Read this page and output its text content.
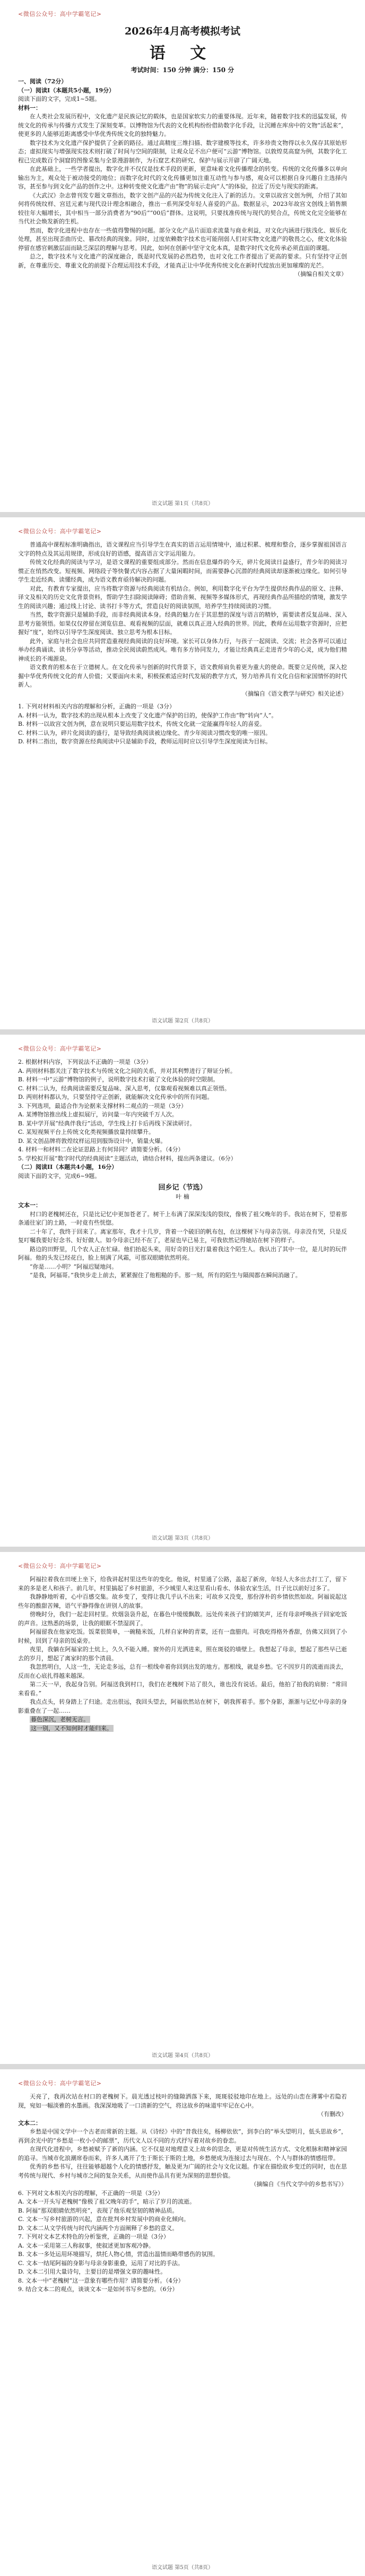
<微信公众号：高中学霸笔记>
2026年4月高考模拟考试
语 文
考试时间：150 分钟 满分：150 分

一、阅读（72分）

（一）阅读I（本题共5小题，19分）

阅读下面的文字，完成1~5题。

材料一：

在人类社会发展历程中，文化遗产是民族记忆的载体，也是国家软实力的重要体现。近年来，随着数字技术的迅猛发展，传统文化的传承与传播方式发生了深刻变革。以博物馆为代表的文化机构纷纷借助数字化手段，让沉睡在库房中的文物“活起来”，使更多的人能够近距离感受中华优秀传统文化的独特魅力。

数字技术为文化遗产保护提供了全新的路径。通过高精度三维扫描、数字建模等技术，许多珍贵文物得以永久保存其原始形态；虚拟现实与增强现实技术则打破了时间与空间的限制，让观众足不出户便可“云游”博物馆。以敦煌莫高窟为例，其数字化工程已完成数百个洞窟的图像采集与全景漫游制作，为石窟艺术的研究、保护与展示开辟了广阔天地。

在此基础上，一些学者提出，数字化并不仅仅是技术手段的更新，更意味着文化传播理念的转变。传统的文化传播多以单向输出为主，观众处于被动接受的地位；而数字化时代的文化传播更加注重互动性与参与感，观众可以根据自身兴趣自主选择内容，甚至参与到文化产品的创作之中。这种转变使文化遗产由“物”的展示走向“人”的体验，拉近了历史与现实的距离。

《大武汉》杂志曾刊发专题文章指出，数字文创产品的兴起为传统文化注入了新的活力。文章以故宫文创为例，介绍了其如何将传统纹样、宫廷元素与现代设计理念相融合，推出一系列深受年轻人喜爱的产品。数据显示，2023年故宫文创线上销售额较往年大幅增长，其中相当一部分消费者为“90后”“00后”群体。这说明，只要找准传统与现代的契合点，传统文化完全能够在当代社会焕发新的生机。

然而，数字化进程中也存在一些值得警惕的问题。部分文化产品片面追求流量与商业利益，对文化内涵进行肤浅化、娱乐化处理，甚至出现歪曲历史、篡改经典的现象。同时，过度依赖数字技术也可能削弱人们对实物文化遗产的敬畏之心，使文化体验停留在感官刺激层面而缺乏深层的理解与思考。因此，如何在创新中坚守文化本真，是数字时代文化传承必须直面的课题。

总之，数字技术与文化遗产的深度融合，既是时代发展的必然趋势，也对文化工作者提出了更高的要求。只有坚持守正创新，在尊重历史、尊重文化的前提下合理运用技术手段，才能真正让中华优秀传统文化在新时代绽放出更加璀璨的光芒。

（摘编自相关文章）

语文试题 第1页（共8页）
<微信公众号：高中学霸笔记>

普通高中课程标准明确指出，语文课程应当引导学生在真实的语言运用情境中，通过积累、梳理和整合，逐步掌握祖国语言文字的特点及其运用规律，形成良好的语感，提高语言文字运用能力。

传统文化经典的阅读与学习，是语文课程的重要组成部分。然而在信息爆炸的今天，碎片化阅读日益盛行，青少年的阅读习惯正在悄然改变。短视频、网络段子等快餐式内容占据了大量闲暇时间，而需要静心沉潜的经典阅读却逐渐被边缘化。如何引导学生走近经典、读懂经典，成为语文教育亟待解决的问题。

对此，有教育专家提出，应当将数字资源与经典阅读有机结合。例如，利用数字化平台为学生提供经典作品的原文、注释、译文及相关的历史文化背景资料，帮助学生扫除阅读障碍；借助音频、视频等多媒体形式，再现经典作品所描绘的情境，激发学生的阅读兴趣；通过线上讨论、读书打卡等方式，营造良好的阅读氛围，培养学生持续阅读的习惯。

当然，数字资源只是辅助手段，而非经典阅读本身。经典的魅力在于其思想的深度与语言的精妙，需要读者反复品味、深入思考方能领悟。如果仅仅停留在浏览信息、观看视频的层面，就难以真正进入经典的世界。因此，教师在运用数字资源时，应把握好“度”，始终以引导学生深度阅读、独立思考为根本目标。

此外，家庭与社会也应共同营造重视经典阅读的良好环境。家长可以身体力行，与孩子一起阅读、交流；社会各界可以通过举办经典诵读、读书分享等活动，推动全民阅读蔚然成风。唯有多方协同发力，才能让经典真正走进青少年的心灵，成为他们精神成长的不竭源泉。

语文教育的根本在于立德树人。在文化传承与创新的时代背景下，语文教师肩负着更为重大的使命。既要立足传统，深入挖掘中华优秀传统文化的育人价值；又要面向未来，积极探索适应时代发展的教学方式，努力培养具有文化自信和家国情怀的时代新人。

（摘编自《语文教学与研究》相关论述）

1. 下列对材料相关内容的理解和分析，正确的一项是（3分）

A. 材料一认为，数字技术的出现从根本上改变了文化遗产保护的目的，使保护工作由“物”转向“人”。

B. 材料一以故宫文创为例，意在说明只要运用数字技术，传统文化就一定能赢得年轻人的喜爱。

C. 材料二认为，碎片化阅读的盛行，是导致经典阅读被边缘化、青少年阅读习惯改变的唯一原因。

D. 材料二指出，数字资源在经典阅读中只是辅助手段，教师运用时应以引导学生深度阅读为目标。

语文试题 第2页（共8页）
<微信公众号：高中学霸笔记>

2. 根据材料内容，下列说法不正确的一项是（3分）

A. 两则材料都关注了数字技术与传统文化之间的关系，并对其利弊进行了辩证分析。

B. 材料一中“云游”博物馆的例子，说明数字技术打破了文化体验的时空限制。

C. 材料二认为，经典阅读需要反复品味、深入思考，仅靠观看视频难以真正领悟。

D. 两则材料都认为，只要坚持守正创新，就能解决文化传承中的所有问题。

3. 下列选项，最适合作为论据来支撑材料二观点的一项是（3分）

A. 某博物馆推出线上虚拟展厅，访问量一年内突破千万人次。

B. 某中学开展“经典伴我行”活动，学生线上打卡后再线下深读研讨。

C. 某短视频平台上传统文化类视频播放量持续攀升。

D. 某文创品牌将敦煌纹样运用到服饰设计中，销量火爆。

4. 材料一和材料二在论证思路上有何异同？请简要分析。（4分）

5. 学校拟开展“数字时代的经典阅读”主题活动，请结合材料，提出两条建议。（6分）

（二）阅读II（本题共4小题，16分）

阅读下面的文字，完成6~9题。

回乡记（节选）

叶 楠

文本一：

村口的老槐树还在，只是比记忆中更加苍老了。树干上布满了深深浅浅的裂纹，像极了祖父晚年的手。我站在树下，望着那条通往家门的土路，一时竟有些恍惚。

二十年了，我终于回来了。离家那年，我才十几岁，背着一个破旧的帆布包，在这棵树下与母亲告别。母亲没有哭，只是反复叮嘱我要好好念书、好好做人。如今母亲已经不在了，老屋也早已易主，可我依然记得她站在树下的样子。

路边的田野里，几个农人正在忙碌。他们抬起头来，用好奇的目光打量着我这个陌生人。我认出了其中一位，是儿时的玩伴阿福。他的头发已经花白，脸上刻满了风霜，可那双眼睛依然明亮。

“你是……小明？”阿福迟疑地问。

“是我，阿福哥。”我快步走上前去，紧紧握住了他粗糙的手。那一刻，所有的陌生与隔阂都在瞬间消融了。

语文试题 第3页（共8页）
<微信公众号：高中学霸笔记>

阿福拉着我在田埂上坐下，给我讲起村里这些年的变化。他说，村里通了公路，盖起了新房，年轻人大多出去打工了，留下来的多是老人和孩子。前几年，村里搞起了乡村旅游，不少城里人来这里看山看水、体验农家生活，日子比以前好过多了。

我静静地听着，心中百感交集。故乡变了，变得让我几乎认不出来；可故乡又没变，那份淳朴的乡情依然如故。阿福说起这些年的酸甜苦辣，语气平静得像在讲别人的故事。

傍晚时分，我们一起走回村里。炊烟袅袅升起，在暮色中缓缓飘散。远处传来孩子们的嬉笑声，还有母亲呼唤孩子回家吃饭的声音。这熟悉的场景，让我的眼眶不禁湿润了。

阿福留我在他家吃饭。饭菜很简单，一碗糙米饭，几样自家种的青菜，还有一盘腊肉。可我吃得格外香甜，仿佛又回到了小时候，回到了母亲的饭桌旁。

夜里，我躺在阿福家的土炕上，久久不能入睡。窗外的月光洒进来，照在斑驳的墙壁上。我想起了母亲，想起了那些早已逝去的岁月，想起了离家时的那个清晨。

我忽然明白，人这一生，无论走多远，总有一根线牵着你回到出发的地方。那根线，就是乡愁。它不因岁月的流逝而淡去，反而在心底扎得越来越深。

第二天一早，我起身告别。阿福送我到村口，我们在老槐树下站了很久，谁也没有说话。最后，他拍了拍我的肩膀：“常回来看看。”

我点点头，转身踏上了归途。走出很远，我回头望去，阿福依然站在树下，朝我挥着手。那个身影，渐渐与记忆中母亲的身影重叠在了一起……

暮色深沉，老树无言。

这一别，又不知何时才能归来。

语文试题 第4页（共8页）
<微信公众号：高中学霸笔记>

天亮了，我再次站在村口的老槐树下。晨光透过枝叶的缝隙洒落下来，斑斑驳驳地印在地上。远处的山峦在薄雾中若隐若现，宛如一幅淡雅的水墨画。我深深地吸了一口清新的空气，将这故乡的味道牢牢记在心中。

（有删改）

文本二：

乡愁是中国文学中一个古老而常新的主题。从《诗经》中的“昔我往矣，杨柳依依”，到李白的“举头望明月，低头思故乡”，再到余光中的“乡愁是一枚小小的邮票”，历代文人以不同的方式抒写着对故乡的眷恋。

在现代化进程中，乡愁被赋予了新的内涵。它不仅是对地理意义上故乡的思念，更是对传统生活方式、文化根脉和精神家园的追寻。当城市化浪潮席卷而来，许多人离开了生于斯长于斯的土地，乡愁便成为连接过去与现在、个人与群体的情感纽带。

优秀的乡愁书写，往往能够超越个人化的情感抒发，触及更为广阔的社会与文化议题。作家在描绘故乡变迁的同时，也在思考传统与现代、乡村与城市之间的复杂关系，从而使作品具有更为深刻的思想价值。

（摘编自《当代文学中的乡愁书写》）

6. 下列对文本相关内容的理解，不正确的一项是（3分）

A. 文本一开头写老槐树“像极了祖父晚年的手”，暗示了岁月的流逝。

B. 阿福“那双眼睛依然明亮”，表现了他乐观坚韧的精神品质。

C. 文本一写乡村旅游的兴起，意在批判乡村发展中的商业化倾向。

D. 文本二从文学传统与时代内涵两个方面阐释了乡愁的意义。

7. 下列对文本艺术特色的分析鉴赏，正确的一项是（3分）

A. 文本一采用第三人称叙事，使叙述更加客观冷静。

B. 文本一多处运用环境描写，烘托人物心情，营造出温情而略带感伤的氛围。

C. 文本一结尾阿福的身影与母亲身影重叠，运用了对比的手法。

D. 文本二引用大量诗句，主要目的是增强文章的趣味性。

8. 文本一中“老槐树”这一意象有哪些作用？请简要分析。（4分）

9. 结合文本二的观点，谈谈文本一是如何书写乡愁的。（6分）

语文试题 第5页（共8页）
